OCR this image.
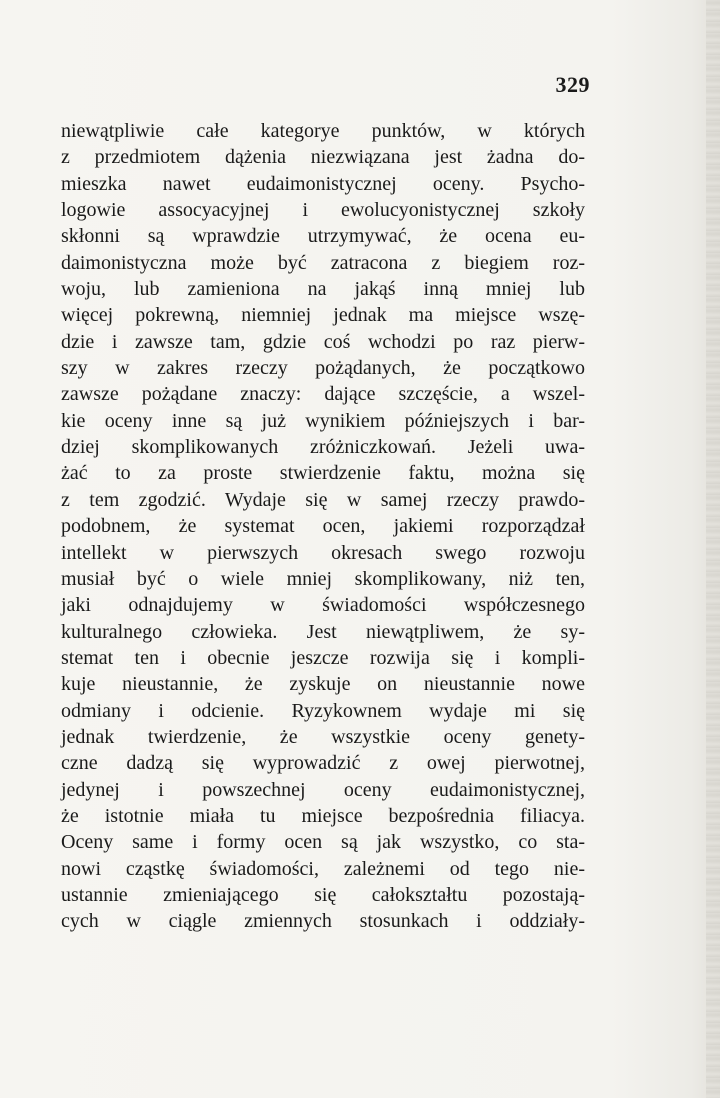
329
niewątpliwie całe kategorye punktów, w których
z przedmiotem dążenia niezwiązana jest żadna do-
mieszka nawet eudaimonistycznej oceny. Psycho-
logowie assocyacyjnej i ewolucyonistycznej szkoły
skłonni są wprawdzie utrzymywać, że ocena eu-
daimonistyczna może być zatracona z biegiem roz-
woju, lub zamieniona na jakąś inną mniej lub
więcej pokrewną, niemniej jednak ma miejsce wszę-
dzie i zawsze tam, gdzie coś wchodzi po raz pierw-
szy w zakres rzeczy pożądanych, że początkowo
zawsze pożądane znaczy: dające szczęście, a wszel-
kie oceny inne są już wynikiem późniejszych i bar-
dziej skomplikowanych zróżniczkowań. Jeżeli uwa-
żać to za proste stwierdzenie faktu, można się
z tem zgodzić. Wydaje się w samej rzeczy prawdo-
podobnem, że systemat ocen, jakiemi rozporządzał
intellekt w pierwszych okresach swego rozwoju
musiał być o wiele mniej skomplikowany, niż ten,
jaki odnajdujemy w świadomości współczesnego
kulturalnego człowieka. Jest niewątpliwem, że sy-
stemat ten i obecnie jeszcze rozwija się i kompli-
kuje nieustannie, że zyskuje on nieustannie nowe
odmiany i odcienie. Ryzykownem wydaje mi się
jednak twierdzenie, że wszystkie oceny genety-
czne dadzą się wyprowadzić z owej pierwotnej,
jedynej i powszechnej oceny eudaimonistycznej,
że istotnie miała tu miejsce bezpośrednia filiacya.
Oceny same i formy ocen są jak wszystko, co sta-
nowi cząstkę świadomości, zależnemi od tego nie-
ustannie zmieniającego się całokształtu pozostają-
cych w ciągle zmiennych stosunkach i oddziały-
